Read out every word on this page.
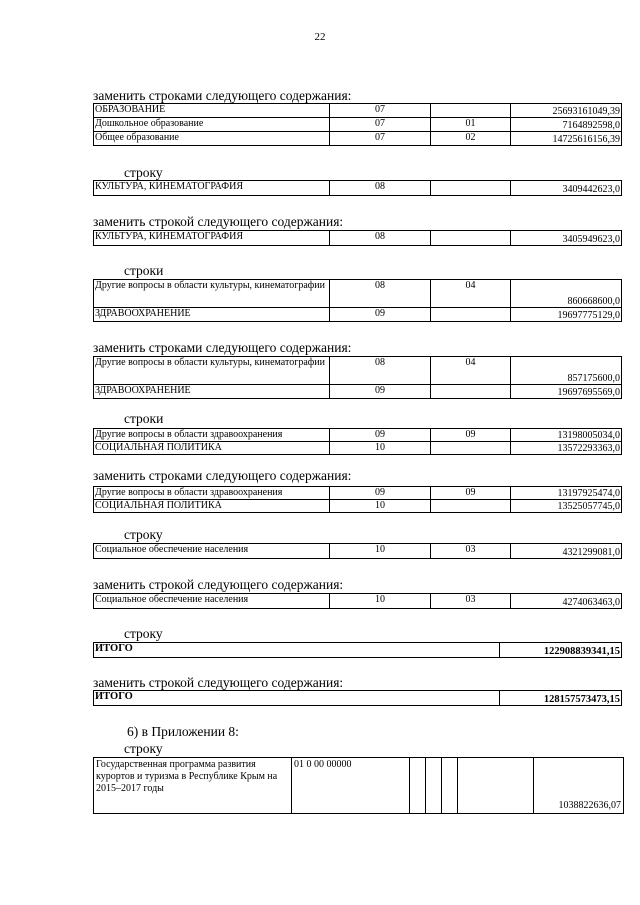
22
заменить строками следующего содержания:
ОБРАЗОВАНИЕ	07		25693161049,39
Дошкольное образование	07	01	7164892598,0
Общее образование	07	02	14725616156,39
строку
КУЛЬТУРА, КИНЕМАТОГРАФИЯ	08		3409442623,0
заменить строкой следующего содержания:
КУЛЬТУРА, КИНЕМАТОГРАФИЯ	08		3405949623,0
строки
Другие вопросы в области культуры, кинематографии	08	04	860668600,0
ЗДРАВООХРАНЕНИЕ	09		19697775129,0
заменить строками следующего содержания:
Другие вопросы в области культуры, кинематографии	08	04	857175600,0
ЗДРАВООХРАНЕНИЕ	09		19697695569,0
строки
Другие вопросы в области здравоохранения	09	09	13198005034,0
СОЦИАЛЬНАЯ ПОЛИТИКА	10		13572293363,0
заменить строками следующего содержания:
Другие вопросы в области здравоохранения	09	09	13197925474,0
СОЦИАЛЬНАЯ ПОЛИТИКА	10		13525057745,0
строку
Социальное обеспечение населения	10	03	4321299081,0
заменить строкой следующего содержания:
Социальное обеспечение населения	10	03	4274063463,0
строку
ИТОГО	122908839341,15
заменить строкой следующего содержания:
ИТОГО	128157573473,15
6) в Приложении 8:
строку
Государственная программа развития курортов и туризма в Республике Крым на 2015–2017 годы	01 0 00 00000					1038822636,07
